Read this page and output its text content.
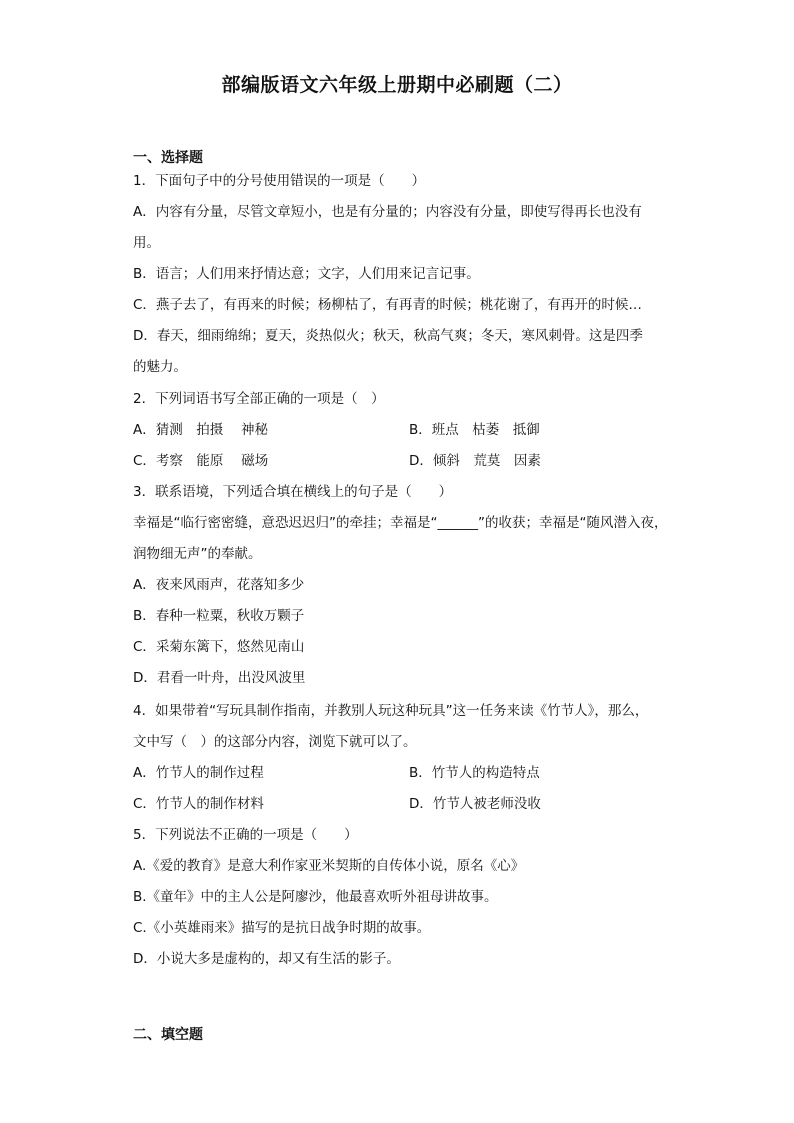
部编版语文六年级上册期中必刷题（二）
一、选择题
1．下面句子中的分号使用错误的一项是（　　）
A．内容有分量，尽管文章短小，也是有分量的；内容没有分量，即使写得再长也没有
用。
B．语言；人们用来抒情达意；文字，人们用来记言记事。
C．燕子去了，有再来的时候；杨柳枯了，有再青的时候；桃花谢了，有再开的时候…
D．春天，细雨绵绵；夏天，炎热似火；秋天，秋高气爽；冬天，寒风刺骨。这是四季
的魅力。
2．下列词语书写全部正确的一项是（　）
A．猜测　拍摄　 神秘	B．班点　枯萎　抵御
C．考察　能原　 磁场	D．倾斜　荒莫　因素
3．联系语境，下列适合填在横线上的句子是（　　）
幸福是“临行密密缝，意恐迟迟归”的牵挂；幸福是“______”的收获；幸福是“随风潜入夜，
润物细无声”的奉献。
A．夜来风雨声，花落知多少
B．春种一粒粟，秋收万颗子
C．采菊东篱下，悠然见南山
D．君看一叶舟，出没风波里
4．如果带着“写玩具制作指南，并教别人玩这种玩具”这一任务来读《竹节人》，那么，
文中写（　）的这部分内容，浏览下就可以了。
A．竹节人的制作过程	B．竹节人的构造特点
C．竹节人的制作材料	D．竹节人被老师没收
5．下列说法不正确的一项是（　　）
A.《爱的教育》是意大利作家亚米契斯的自传体小说，原名《心》
B.《童年》中的主人公是阿廖沙，他最喜欢听外祖母讲故事。
C.《小英雄雨来》描写的是抗日战争时期的故事。
D．小说大多是虚构的，却又有生活的影子。
二、填空题
